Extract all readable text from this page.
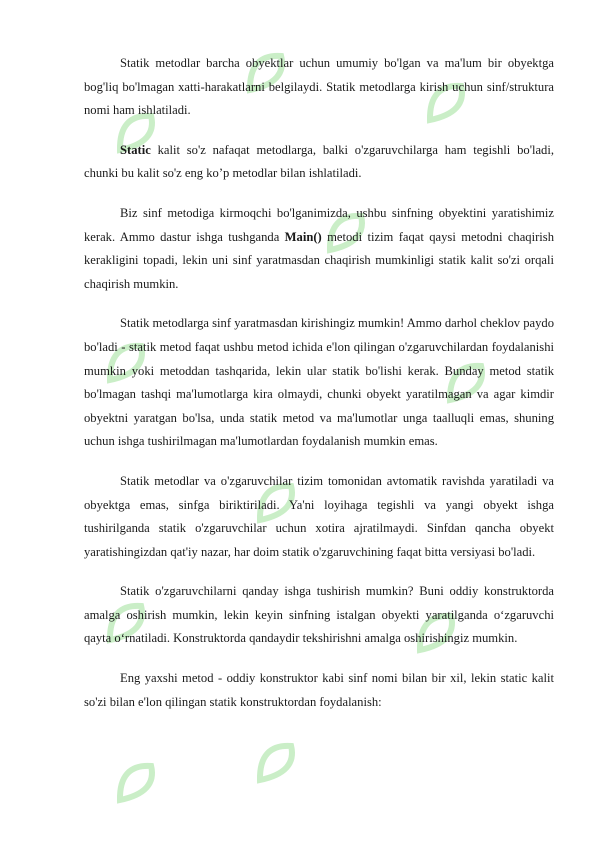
Statik metodlar barcha obyektlar uchun umumiy bo'lgan va ma'lum bir obyektga bog'liq bo'lmagan xatti-harakatlarni belgilaydi. Statik metodlarga kirish uchun sinf/struktura nomi ham ishlatiladi.

Static kalit so'z nafaqat metodlarga, balki o'zgaruvchilarga ham tegishli bo'ladi, chunki bu kalit so'z eng ko’p metodlar bilan ishlatiladi.

Biz sinf metodiga kirmoqchi bo'lganimizda, ushbu sinfning obyektini yaratishimiz kerak. Ammo dastur ishga tushganda Main() metodi tizim faqat qaysi metodni chaqirish kerakligini topadi, lekin uni sinf yaratmasdan chaqirish mumkinligi statik kalit so'zi orqali chaqirish mumkin.

Statik metodlarga sinf yaratmasdan kirishingiz mumkin! Ammo darhol cheklov paydo bo'ladi - statik metod faqat ushbu metod ichida e'lon qilingan o'zgaruvchilardan foydalanishi mumkin yoki metoddan tashqarida, lekin ular statik bo'lishi kerak. Bunday metod statik bo'lmagan tashqi ma'lumotlarga kira olmaydi, chunki obyekt yaratilmagan va agar kimdir obyektni yaratgan bo'lsa, unda statik metod va ma'lumotlar unga taalluqli emas, shuning uchun ishga tushirilmagan ma'lumotlardan foydalanish mumkin emas.

Statik metodlar va o'zgaruvchilar tizim tomonidan avtomatik ravishda yaratiladi va obyektga emas, sinfga biriktiriladi. Ya'ni loyihaga tegishli va yangi obyekt ishga tushirilganda statik o'zgaruvchilar uchun xotira ajratilmaydi. Sinfdan qancha obyekt yaratishingizdan qat'iy nazar, har doim statik o'zgaruvchining faqat bitta versiyasi bo'ladi.

Statik o'zgaruvchilarni qanday ishga tushirish mumkin? Buni oddiy konstruktorda amalga oshirish mumkin, lekin keyin sinfning istalgan obyekti yaratilganda o‘zgaruvchi qayta o‘rnatiladi. Konstruktorda qandaydir tekshirishni amalga oshirishingiz mumkin.

Eng yaxshi metod - oddiy konstruktor kabi sinf nomi bilan bir xil, lekin static kalit so'zi bilan e'lon qilingan statik konstruktordan foydalanish:
